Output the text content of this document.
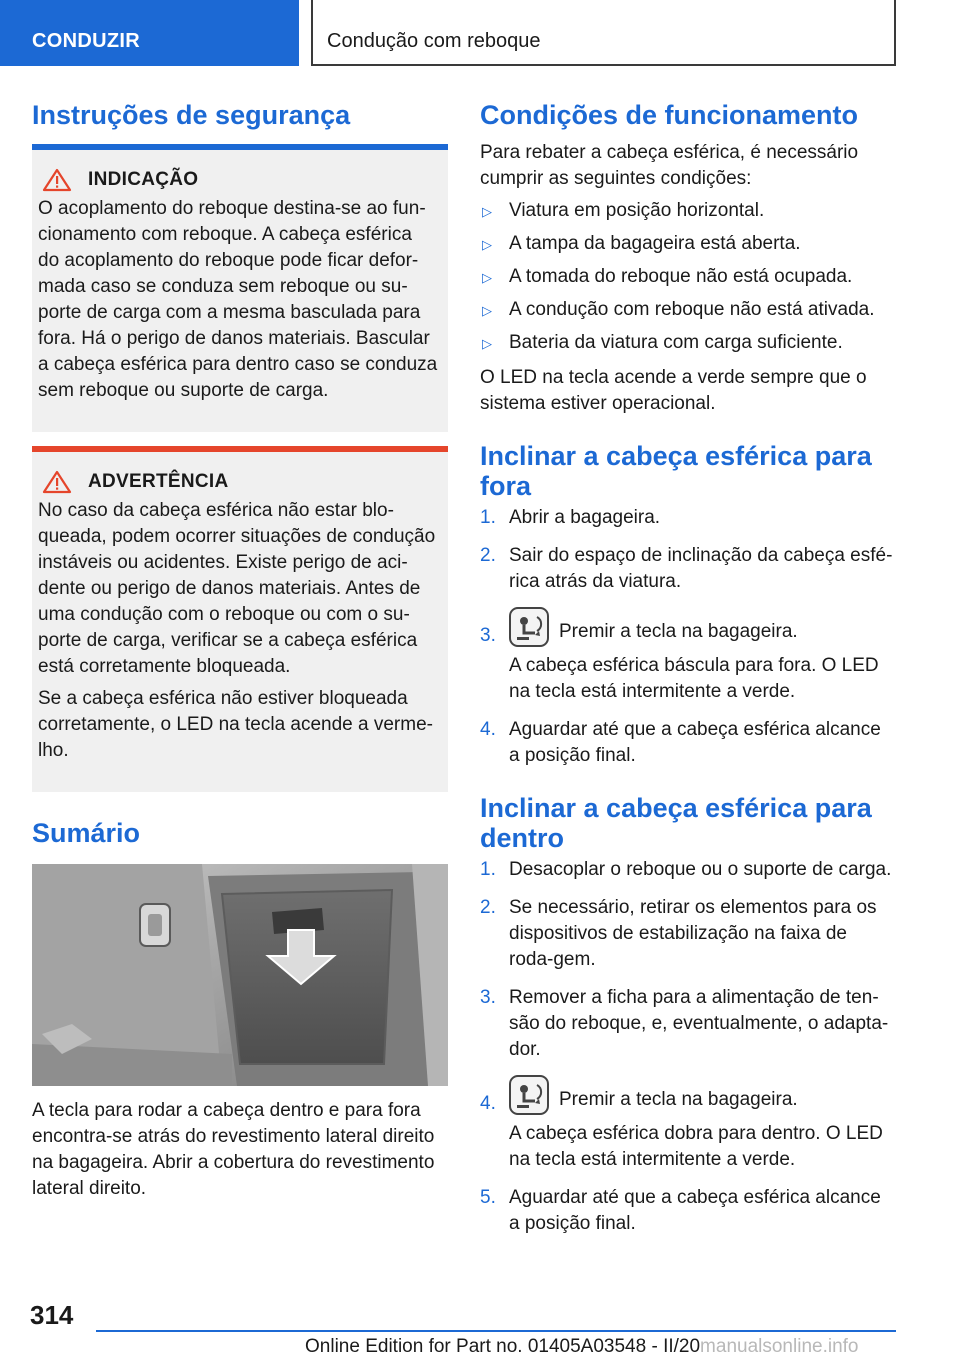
CONDUZIR	Condução com reboque
Instruções de segurança
INDICAÇÃO

O acoplamento do reboque destina-se ao fun-cionamento com reboque. A cabeça esférica do acoplamento do reboque pode ficar defor-mada caso se conduza sem reboque ou su-porte de carga com a mesma basculada para fora. Há o perigo de danos materiais. Bascular a cabeça esférica para dentro caso se conduza sem reboque ou suporte de carga.

ADVERTÊNCIA

No caso da cabeça esférica não estar blo-queada, podem ocorrer situações de condução instáveis ou acidentes. Existe perigo de aci-dente ou perigo de danos materiais. Antes de uma condução com o reboque ou com o su-porte de carga, verificar se a cabeça esférica está corretamente bloqueada.

Se a cabeça esférica não estiver bloqueada corretamente, o LED na tecla acende a verme-lho.

Sumário

A tecla para rodar a cabeça dentro e para fora encontra-se atrás do revestimento lateral direito na bagageira. Abrir a cobertura do revestimento lateral direito.

Condições de funcionamento

Para rebater a cabeça esférica, é necessário cumprir as seguintes condições:

▷ Viatura em posição horizontal.
▷ A tampa da bagageira está aberta.
▷ A tomada do reboque não está ocupada.
▷ A condução com reboque não está ativada.
▷ Bateria da viatura com carga suficiente.

O LED na tecla acende a verde sempre que o sistema estiver operacional.

Inclinar a cabeça esférica para fora
1. Abrir a bagageira.

2. Sair do espaço de inclinação da cabeça esfé-rica atrás da viatura.

3.	Premir a tecla na bagageira.

A cabeça esférica báscula para fora. O LED na tecla está intermitente a verde.

4. Aguardar até que a cabeça esférica alcance a posição final.

Inclinar a cabeça esférica para dentro
1. Desacoplar o reboque ou o suporte de carga.

2. Se necessário, retirar os elementos para os dispositivos de estabilização na faixa de roda-gem.

3. Remover a ficha para a alimentação de ten-são do reboque, e, eventualmente, o adapta-dor.

4.	Premir a tecla na bagageira.

A cabeça esférica dobra para dentro. O LED na tecla está intermitente a verde.

5. Aguardar até que a cabeça esférica alcance a posição final.

314
Online Edition for Part no. 01405A03548 - II/20manualsonline.info
